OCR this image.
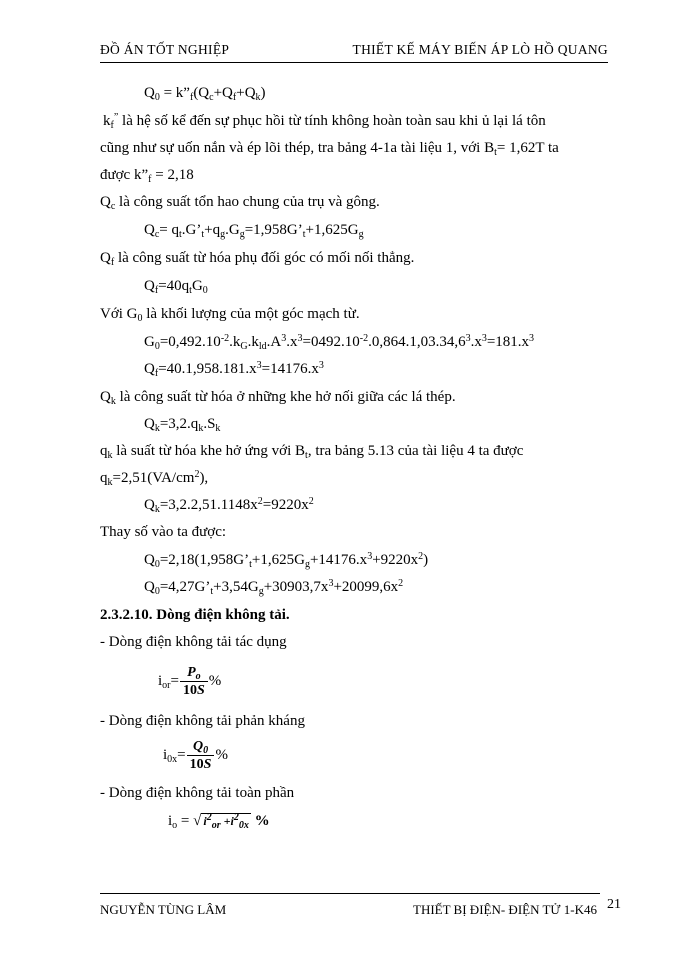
ĐỒ ÁN TỐT NGHIỆP	THIẾT KẾ MÁY BIẾN ÁP LÒ HỒ QUANG
$Q_0$ = $k”_f(Q_c+Q_f+Q_k)$
$k_f^”$ là hệ số kể đến sự phục hồi từ tính không hoàn toàn sau khi ủ lại lá tôn
cũng như sự uốn nắn và ép lõi thép, tra bảng 4-1a tài liệu 1, với $B_t= 1,62T$ ta
được $k”_f = 2,18$
$Q_c$ là công suất tổn hao chung của trụ và gông.
$Q_c=$ $q_t.G’_t+q_g.G_g=1,958G’_t+1,625G_g$
$Q_f$ là công suất từ hóa phụ đối góc có mối nối thẳng.
$Q_f=40q_tG_0$
Với $G_0$ là khối lượng của một góc mạch từ.
$G_0=0,492.10^{-2}.k_G.k_{ld}.A^3.x^3=0492.10^{-2}.0,864.1,03.34,6^3.x^3=181.x^3$
$Q_f=40.1,958.181.x^3=14176.x^3$
$Q_k$ là công suất từ hóa ở những khe hở nối giữa các lá thép.
$Q_k=3,2.q_k.S_k$
$q_k$ là suất từ hóa khe hở ứng với $B_t$, tra bảng 5.13 của tài liệu 4 ta được
$q_k=2,51(VA/cm^2)$,
$Q_k=3,2.2,51.1148x^2=9220x^2$
Thay số vào ta được:
$Q_0=2,18(1,958G’_t+1,625G_g+14176.x^3+9220x^2)$
$Q_0=4,27G’_t+3,54G_g+30903,7x^3+20099,6x^2$
2.3.2.10. Dòng điện không tải.
- Dòng điện không tải tác dụng
$i_{or}= \frac{P_o}{10S}$ %
- Dòng điện không tải phản kháng
$i_{0x}= \frac{Q_0}{10S}$ %
- Dòng điện không tải toàn phần
$i_o$ = √ $i^2_{or} +i^2_{0x}$ %
NGUYỄN TÙNG LÂM	THIẾT BỊ ĐIỆN- ĐIỆN TỬ 1-K46 21
